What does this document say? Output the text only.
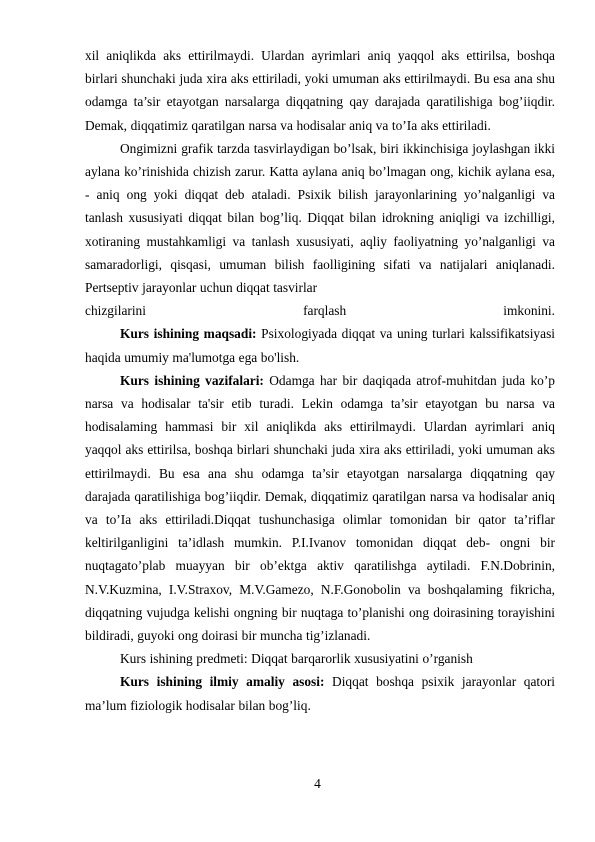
xil aniqlikda aks ettirilmaydi. Ulardan ayrimlari aniq yaqqol aks ettirilsa, boshqa birlari shunchaki juda xira aks ettiriladi, yoki umuman aks ettirilmaydi. Bu esa ana shu odamga ta’sir etayotgan narsalarga diqqatning qay darajada qaratilishiga bog’iiqdir. Demak, diqqatimiz qaratilgan narsa va hodisalar aniq va to’Ia aks ettiriladi.

Ongimizni grafik tarzda tasvirlaydigan bo’lsak, biri ikkinchisiga joylashgan ikki aylana ko’rinishida chizish zarur. Katta aylana aniq bo’lmagan ong, kichik aylana esa, - aniq ong yoki diqqat deb ataladi. Psixik bilish jarayonlarining yo’nalganligi va tanlash xususiyati diqqat bilan bog’liq. Diqqat bilan idrokning aniqligi va izchilligi, xotiraning mustahkamligi va tanlash xususiyati, aqliy faoliyatning yo’nalganligi va samaradorligi, qisqasi, umuman bilish faolligining sifati va natijalari aniqlanadi. Pertseptiv jarayonlar uchun diqqat tasvirlar

chizgilarini farqlash imkonini.

Kurs ishining maqsadi: Psixologiyada diqqat va uning turlari kalssifikatsiyasi haqida umumiy ma'lumotga ega bo'lish.

Kurs ishining vazifalari: Odamga har bir daqiqada atrof-muhitdan juda ko’p narsa va hodisalar ta'sir etib turadi. Lekin odamga ta’sir etayotgan bu narsa va hodisalaming hammasi bir xil aniqlikda aks ettirilmaydi. Ulardan ayrimlari aniq yaqqol aks ettirilsa, boshqa birlari shunchaki juda xira aks ettiriladi, yoki umuman aks ettirilmaydi. Bu esa ana shu odamga ta’sir etayotgan narsalarga diqqatning qay darajada qaratilishiga bog’iiqdir. Demak, diqqatimiz qaratilgan narsa va hodisalar aniq va to’Ia aks ettiriladi.Diqqat tushunchasiga olimlar tomonidan bir qator ta’riflar keltirilganligini ta’idlash mumkin. P.I.Ivanov tomonidan diqqat deb- ongni bir nuqtagato’plab muayyan bir ob’ektga aktiv qaratilishga aytiladi. F.N.Dobrinin, N.V.Kuzmina, I.V.Straxov, M.V.Gamezo, N.F.Gonobolin va boshqalaming fikricha, diqqatning vujudga kelishi ongning bir nuqtaga to’planishi ong doirasining torayishini bildiradi, guyoki ong doirasi bir muncha tig’izlanadi.

Kurs ishining predmeti: Diqqat barqarorlik xususiyatini o’rganish

Kurs ishining ilmiy amaliy asosi: Diqqat boshqa psixik jarayonlar qatori ma’lum fiziologik hodisalar bilan bog’liq.

4
